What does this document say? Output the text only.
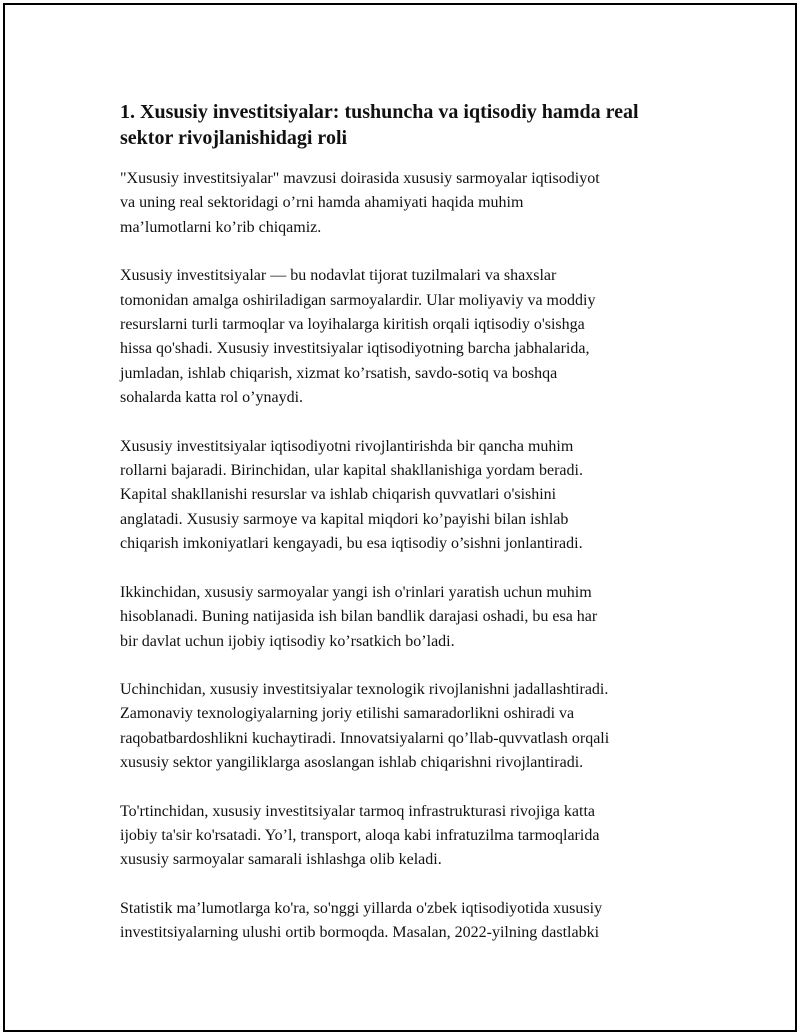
1. Xususiy investitsiyalar: tushuncha va iqtisodiy hamda real
sektor rivojlanishidagi roli

"Xususiy investitsiyalar" mavzusi doirasida xususiy sarmoyalar iqtisodiyot
va uning real sektoridagi o’rni hamda ahamiyati haqida muhim
ma’lumotlarni ko’rib chiqamiz.

Xususiy investitsiyalar — bu nodavlat tijorat tuzilmalari va shaxslar
tomonidan amalga oshiriladigan sarmoyalardir. Ular moliyaviy va moddiy
resurslarni turli tarmoqlar va loyihalarga kiritish orqali iqtisodiy o'sishga
hissa qo'shadi. Xususiy investitsiyalar iqtisodiyotning barcha jabhalarida,
jumladan, ishlab chiqarish, xizmat ko’rsatish, savdo-sotiq va boshqa
sohalarda katta rol o’ynaydi.

Xususiy investitsiyalar iqtisodiyotni rivojlantirishda bir qancha muhim
rollarni bajaradi. Birinchidan, ular kapital shakllanishiga yordam beradi.
Kapital shakllanishi resurslar va ishlab chiqarish quvvatlari o'sishini
anglatadi. Xususiy sarmoye va kapital miqdori ko’payishi bilan ishlab
chiqarish imkoniyatlari kengayadi, bu esa iqtisodiy o’sishni jonlantiradi.

Ikkinchidan, xususiy sarmoyalar yangi ish o'rinlari yaratish uchun muhim
hisoblanadi. Buning natijasida ish bilan bandlik darajasi oshadi, bu esa har
bir davlat uchun ijobiy iqtisodiy ko’rsatkich bo’ladi.

Uchinchidan, xususiy investitsiyalar texnologik rivojlanishni jadallashtiradi.
Zamonaviy texnologiyalarning joriy etilishi samaradorlikni oshiradi va
raqobatbardoshlikni kuchaytiradi. Innovatsiyalarni qo’llab-quvvatlash orqali
xususiy sektor yangiliklarga asoslangan ishlab chiqarishni rivojlantiradi.

To'rtinchidan, xususiy investitsiyalar tarmoq infrastrukturasi rivojiga katta
ijobiy ta'sir ko'rsatadi. Yo’l, transport, aloqa kabi infratuzilma tarmoqlarida
xususiy sarmoyalar samarali ishlashga olib keladi.

Statistik ma’lumotlarga ko'ra, so'nggi yillarda o'zbek iqtisodiyotida xususiy
investitsiyalarning ulushi ortib bormoqda. Masalan, 2022-yilning dastlabki
